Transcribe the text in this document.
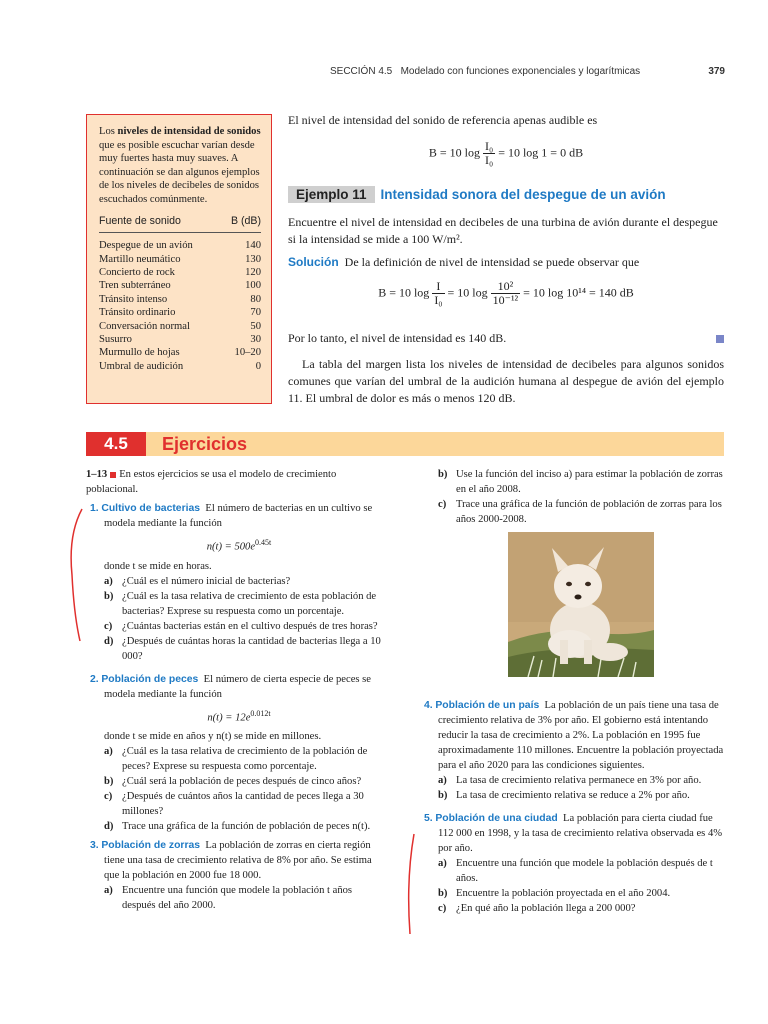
SECCIÓN 4.5 Modelado con funciones exponenciales y logarítmicas	379

Los niveles de intensidad de sonidos que es posible escuchar varían desde muy fuertes hasta muy suaves. A continuación se dan algunos ejemplos de los niveles de decibeles de sonidos escuchados comúnmente.

Fuente de sonido	B (dB)
Despegue de un avión	140
Martillo neumático	130
Concierto de rock	120
Tren subterráneo	100
Tránsito intenso	80
Tránsito ordinario	70
Conversación normal	50
Susurro	30
Murmullo de hojas	10–20
Umbral de audición	0
El nivel de intensidad del sonido de referencia apenas audible es
B = 10 $\log \frac{\text{I₀}}{\text{I₀}} = 10$ log 1 = 0 dB
Ejemplo 11 Intensidad sonora del despegue de un avión
Encuentre el nivel de intensidad en decibeles de una turbina de avión durante el despegue si la intensidad se mide a 100 W/m².
Solución De la definición de nivel de intensidad se puede observar que
B = 10 $\log \frac{I}{\text{I₀}} = 10$ $\log \frac{\text{10²}}{\text{10⁻¹²}} = 10$ log 10¹⁴ = 140 dB
Por lo tanto, el nivel de intensidad es 140 dB.
La tabla del margen lista los niveles de intensidad de decibeles para algunos sonidos comunes que varían del umbral de la audición humana al despegue de avión del ejemplo 11. El umbral de dolor es más o menos 120 dB.
4.5	Ejercicios
1–13 En estos ejercicios se usa el modelo de crecimiento poblacional.
1. Cultivo de bacterias El número de bacterias en un cultivo se modela mediante la función
$n(t) = 500e^{0.45t}$
donde t se mide en horas.
a) ¿Cuál es el número inicial de bacterias?
b) ¿Cuál es la tasa relativa de crecimiento de esta población de bacterias? Exprese su respuesta como un porcentaje.
c) ¿Cuántas bacterias están en el cultivo después de tres horas?
d) ¿Después de cuántas horas la cantidad de bacterias llega a 10 000?
2. Población de peces El número de cierta especie de peces se modela mediante la función
$n(t) = 12e^{0.012t}$
donde t se mide en años y n(t) se mide en millones.
a) ¿Cuál es la tasa relativa de crecimiento de la población de peces? Exprese su respuesta como porcentaje.
b) ¿Cuál será la población de peces después de cinco años?
c) ¿Después de cuántos años la cantidad de peces llega a 30 millones?
d) Trace una gráfica de la función de población de peces n(t).
3. Población de zorras La población de zorras en cierta región tiene una tasa de crecimiento relativa de 8% por año. Se estima que la población en 2000 fue 18 000.
a) Encuentre una función que modele la población t años después del año 2000.
b) Use la función del inciso a) para estimar la población de zorras en el año 2008.
c) Trace una gráfica de la función de población de zorras para los años 2000-2008.
4. Población de un país La población de un país tiene una tasa de crecimiento relativa de 3% por año. El gobierno está intentando reducir la tasa de crecimiento a 2%. La población en 1995 fue aproximadamente 110 millones. Encuentre la población proyectada para el año 2020 para las condiciones siguientes.
a) La tasa de crecimiento relativa permanece en 3% por año.
b) La tasa de crecimiento relativa se reduce a 2% por año.
5. Población de una ciudad La población para cierta ciudad fue 112 000 en 1998, y la tasa de crecimiento relativa observada es 4% por año.
a) Encuentre una función que modele la población después de t años.
b) Encuentre la población proyectada en el año 2004.
c) ¿En qué año la población llega a 200 000?
